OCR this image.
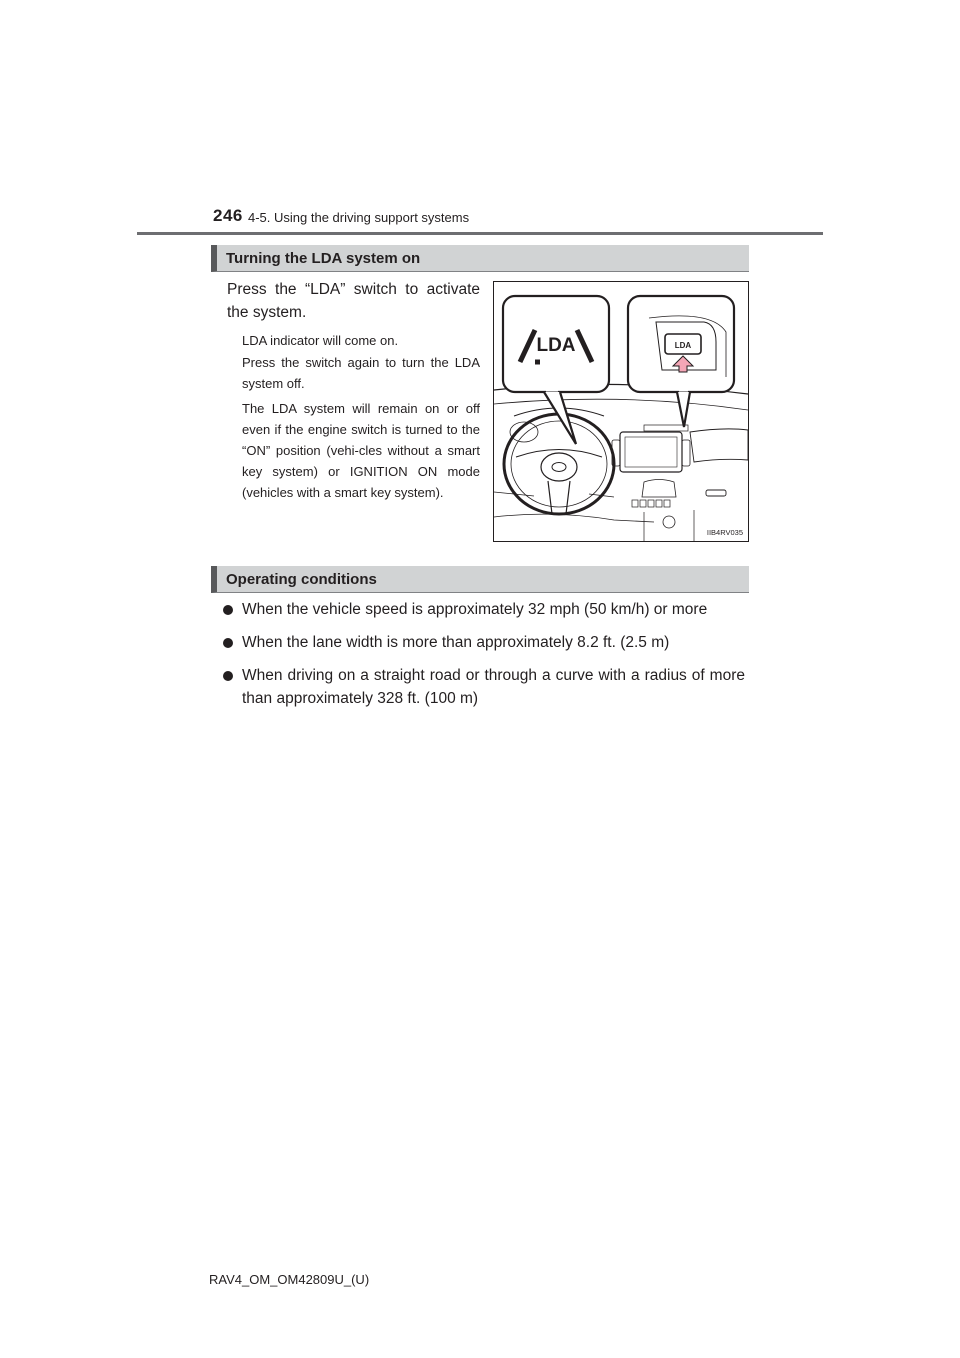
246 4-5. Using the driving support systems
Turning the LDA system on
Press the “LDA” switch to activate the system.
LDA indicator will come on.
Press the switch again to turn the LDA system off.
The LDA system will remain on or off even if the engine switch is turned to the “ON” position (vehi-cles without a smart key system) or IGNITION ON mode (vehicles with a smart key system).
LDA	LDA
IIB4RV035
Operating conditions
When the vehicle speed is approximately 32 mph (50 km/h) or more
When the lane width is more than approximately 8.2 ft. (2.5 m)
When driving on a straight road or through a curve with a radius of more than approximately 328 ft. (100 m)
RAV4_OM_OM42809U_(U)
